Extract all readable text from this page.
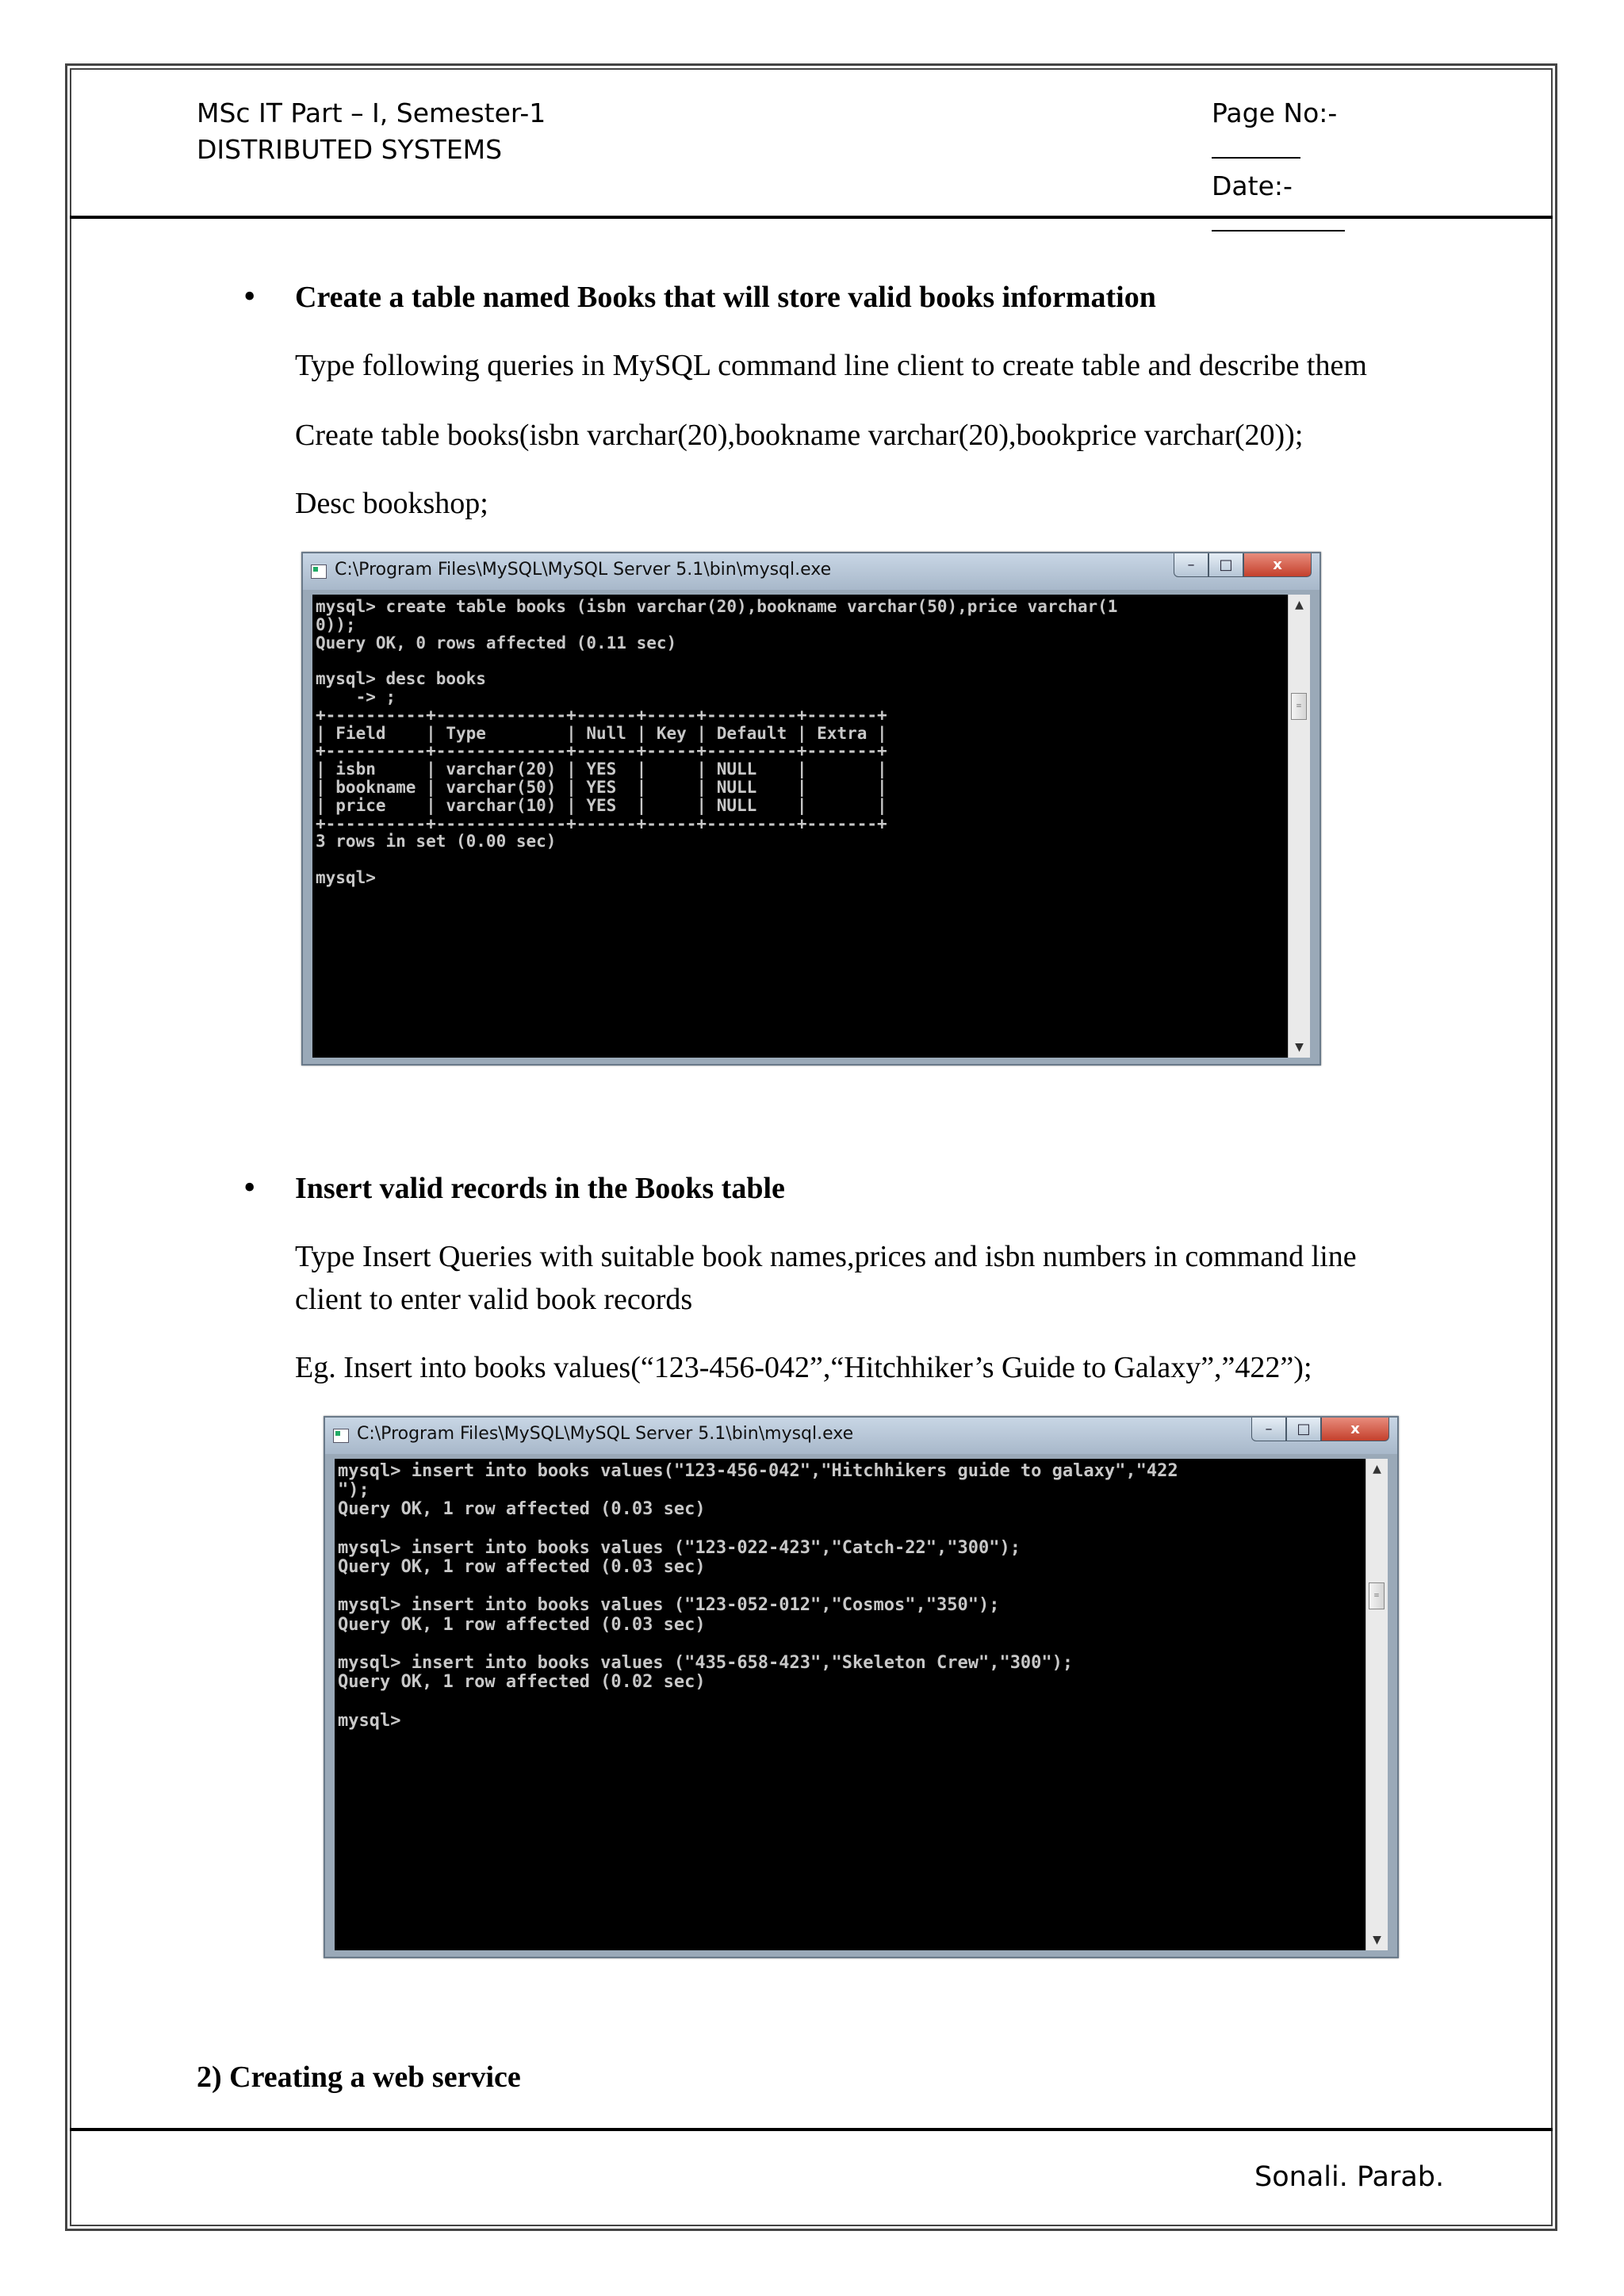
MSc IT Part – I, Semester-1
DISTRIBUTED SYSTEMS
Page No:-
Date:-
• Create a table named Books that will store valid books information
Type following queries in MySQL command line client to create table and describe them
Create table books(isbn varchar(20),bookname varchar(20),bookprice varchar(20));
Desc bookshop;
C:\Program Files\MySQL\MySQL Server 5.1\bin\mysql.exe	–	□	x
mysql> create table books (isbn varchar(20),bookname varchar(50),price varchar(1
0));
Query OK, 0 rows affected (0.11 sec)

mysql> desc books
-> ;
+----------+-------------+------+-----+---------+-------+
| Field    | Type        | Null | Key | Default | Extra |
+----------+-------------+------+-----+---------+-------+
| isbn     | varchar(20) | YES  |     | NULL    |       |
| bookname | varchar(50) | YES  |     | NULL    |       |
| price    | varchar(10) | YES  |     | NULL    |       |
+----------+-------------+------+-----+---------+-------+
3 rows in set (0.00 sec)

mysql>
▲
≡
▼
• Insert valid records in the Books table
Type Insert Queries with suitable book names,prices and isbn numbers in command line client to enter valid book records
Eg. Insert into books values(“123-456-042”,“Hitchhiker’s Guide to Galaxy”,”422”);
C:\Program Files\MySQL\MySQL Server 5.1\bin\mysql.exe	–	□	x
mysql> insert into books values("123-456-042","Hitchhikers guide to galaxy","422
");
Query OK, 1 row affected (0.03 sec)

mysql> insert into books values ("123-022-423","Catch-22","300");
Query OK, 1 row affected (0.03 sec)

mysql> insert into books values ("123-052-012","Cosmos","350");
Query OK, 1 row affected (0.03 sec)

mysql> insert into books values ("435-658-423","Skeleton Crew","300");
Query OK, 1 row affected (0.02 sec)

mysql>
▲
≡
▼
2) Creating a web service
Sonali. Parab.
